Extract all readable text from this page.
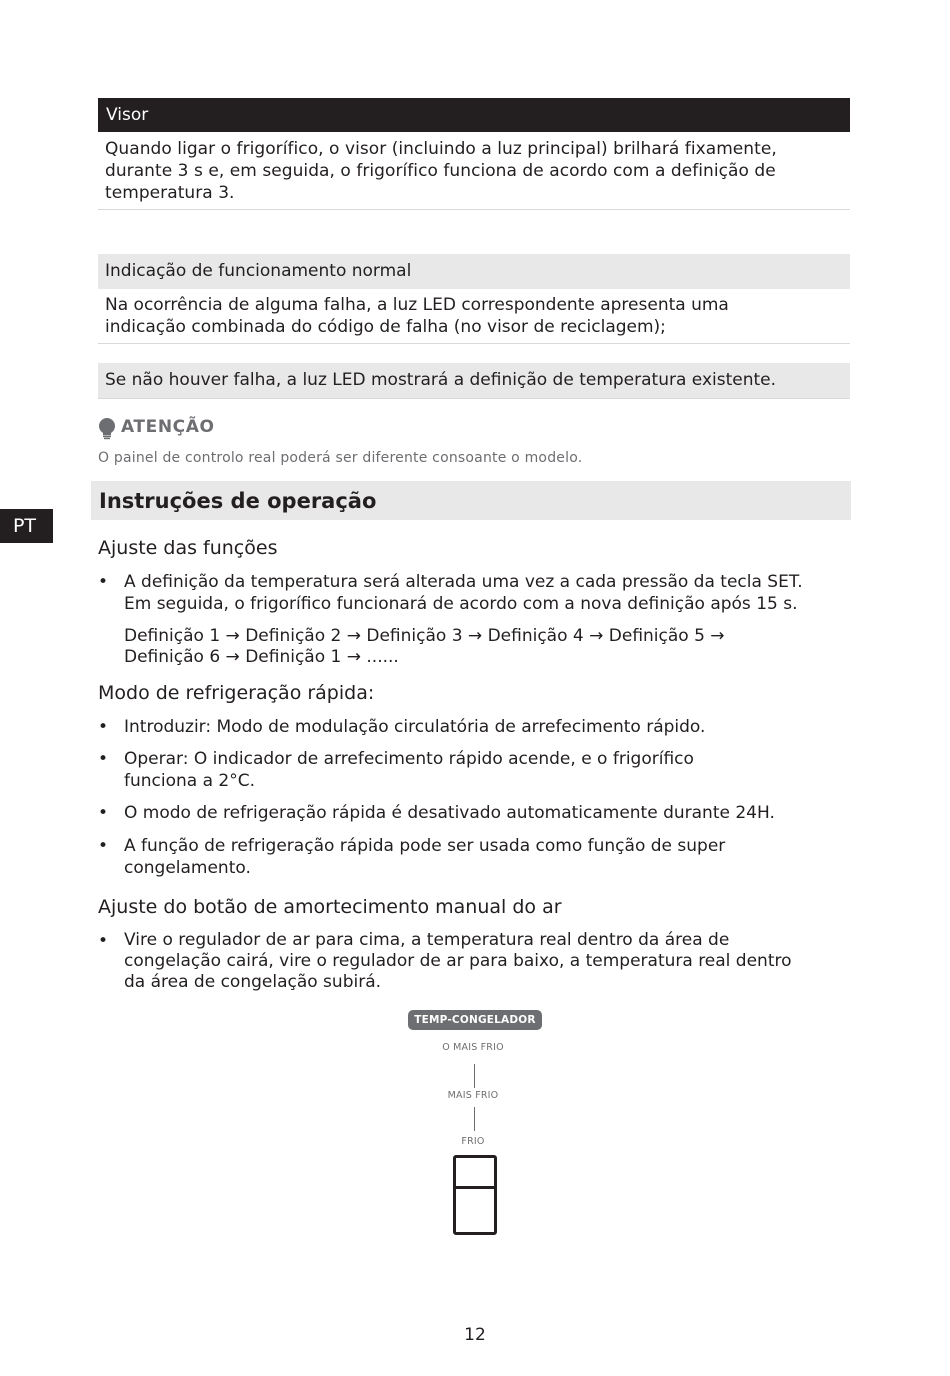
Visor
Quando ligar o frigorífico, o visor (incluindo a luz principal) brilhará fixamente,
durante 3 s e, em seguida, o frigorífico funciona de acordo com a definição de
temperatura 3.
Indicação de funcionamento normal
Na ocorrência de alguma falha, a luz LED correspondente apresenta uma
indicação combinada do código de falha (no visor de reciclagem);
Se não houver falha, a luz LED mostrará a definição de temperatura existente.
ATENÇÃO
O painel de controlo real poderá ser diferente consoante o modelo.
Instruções de operação
PT
Ajuste das funções
• A definição da temperatura será alterada uma vez a cada pressão da tecla SET.
Em seguida, o frigorífico funcionará de acordo com a nova definição após 15 s.
Definição 1 → Definição 2 → Definição 3 → Definição 4 → Definição 5 →
Definição 6 → Definição 1 → ......
Modo de refrigeração rápida:
• Introduzir: Modo de modulação circulatória de arrefecimento rápido.
• Operar: O indicador de arrefecimento rápido acende, e o frigorífico
funciona a 2°C.
• O modo de refrigeração rápida é desativado automaticamente durante 24H.
• A função de refrigeração rápida pode ser usada como função de super
congelamento.
Ajuste do botão de amortecimento manual do ar
• Vire o regulador de ar para cima, a temperatura real dentro da área de
congelação cairá, vire o regulador de ar para baixo, a temperatura real dentro
da área de congelação subirá.
TEMP-CONGELADOR
O MAIS FRIO
MAIS FRIO
FRIO
12
